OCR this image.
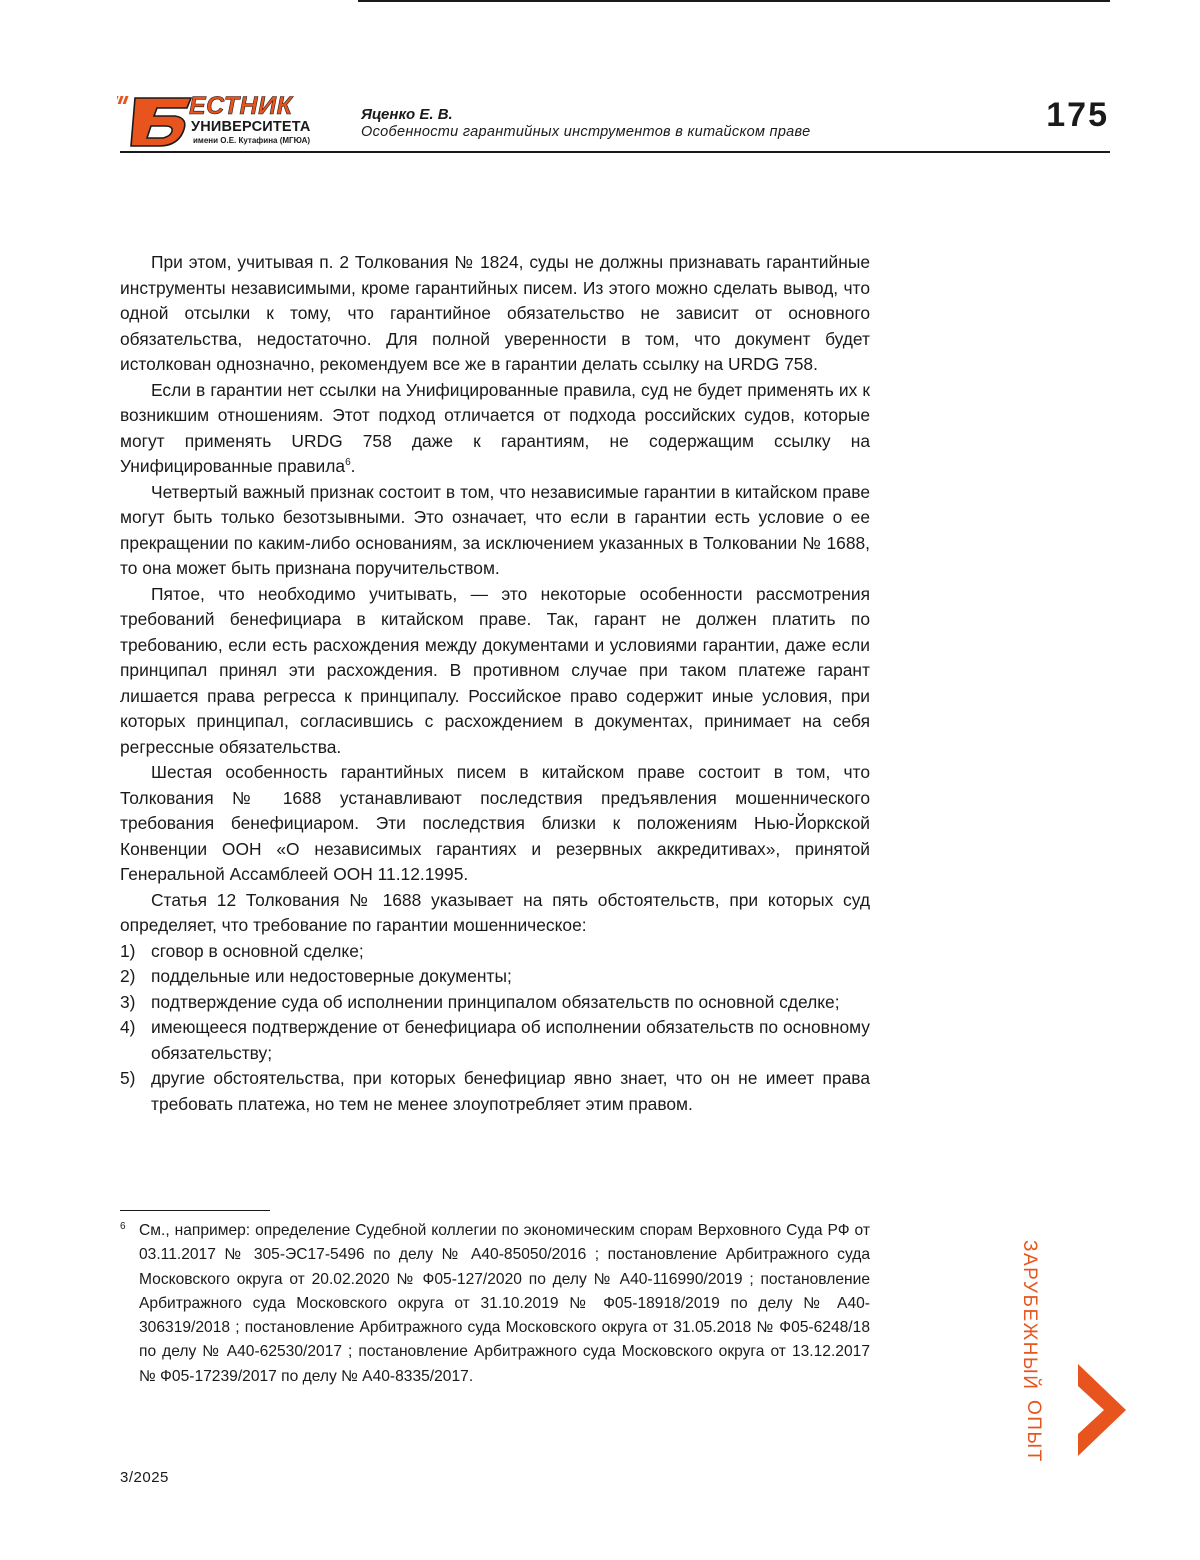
ЕСТНИК
УНИВЕРСИТЕТА
имени О.Е. Кутафина (МГЮА)
Яценко Е. В.
Особенности гарантийных инструментов в китайском праве	175

При этом, учитывая п. 2 Толкования № 1824, суды не должны признавать гарантийные инструменты независимыми, кроме гарантийных писем. Из этого можно сделать вывод, что одной отсылки к тому, что гарантийное обязательство не зависит от основного обязательства, недостаточно. Для полной уверенности в том, что документ будет истолкован однозначно, рекомендуем все же в гарантии делать ссылку на URDG 758.

Если в гарантии нет ссылки на Унифицированные правила, суд не будет применять их к возникшим отношениям. Этот подход отличается от подхода российских судов, которые могут применять URDG 758 даже к гарантиям, не содержащим ссылку на Унифицированные правила6.

Четвертый важный признак состоит в том, что независимые гарантии в китайском праве могут быть только безотзывными. Это означает, что если в гарантии есть условие о ее прекращении по каким-либо основаниям, за исключением указанных в Толковании № 1688, то она может быть признана поручительством.

Пятое, что необходимо учитывать, — это некоторые особенности рассмотрения требований бенефициара в китайском праве. Так, гарант не должен платить по требованию, если есть расхождения между документами и условиями гарантии, даже если принципал принял эти расхождения. В противном случае при таком платеже гарант лишается права регресса к принципалу. Российское право содержит иные условия, при которых принципал, согласившись с расхождением в документах, принимает на себя регрессные обязательства.

Шестая особенность гарантийных писем в китайском праве состоит в том, что Толкования № 1688 устанавливают последствия предъявления мошеннического требования бенефициаром. Эти последствия близки к положениям Нью-Йоркской Конвенции ООН «О независимых гарантиях и резервных аккредитивах», принятой Генеральной Ассамблеей ООН 11.12.1995.

Статья 12 Толкования № 1688 указывает на пять обстоятельств, при которых суд определяет, что требование по гарантии мошенническое:

1) сговор в основной сделке;
2) поддельные или недостоверные документы;
3) подтверждение суда об исполнении принципалом обязательств по основной сделке;
4) имеющееся подтверждение от бенефициара об исполнении обязательств по основному обязательству;
5) другие обстоятельства, при которых бенефициар явно знает, что он не имеет права требовать платежа, но тем не менее злоупотребляет этим правом.
6 См., например: определение Судебной коллегии по экономическим спорам Верховного Суда РФ от 03.11.2017 № 305-ЭС17-5496 по делу № А40-85050/2016 ; постановление Арбитражного суда Московского округа от 20.02.2020 № Ф05-127/2020 по делу № А40-116990/2019 ; постановление Арбитражного суда Московского округа от 31.10.2019 № Ф05-18918/2019 по делу № А40-306319/2018 ; постановление Арбитражного суда Московского округа от 31.05.2018 № Ф05-6248/18 по делу № А40-62530/2017 ; постановление Арбитражного суда Московского округа от 13.12.2017 № Ф05-17239/2017 по делу № А40-8335/2017.	ЗАРУБЕЖНЫЙ
ОПЫТ
3/2025
